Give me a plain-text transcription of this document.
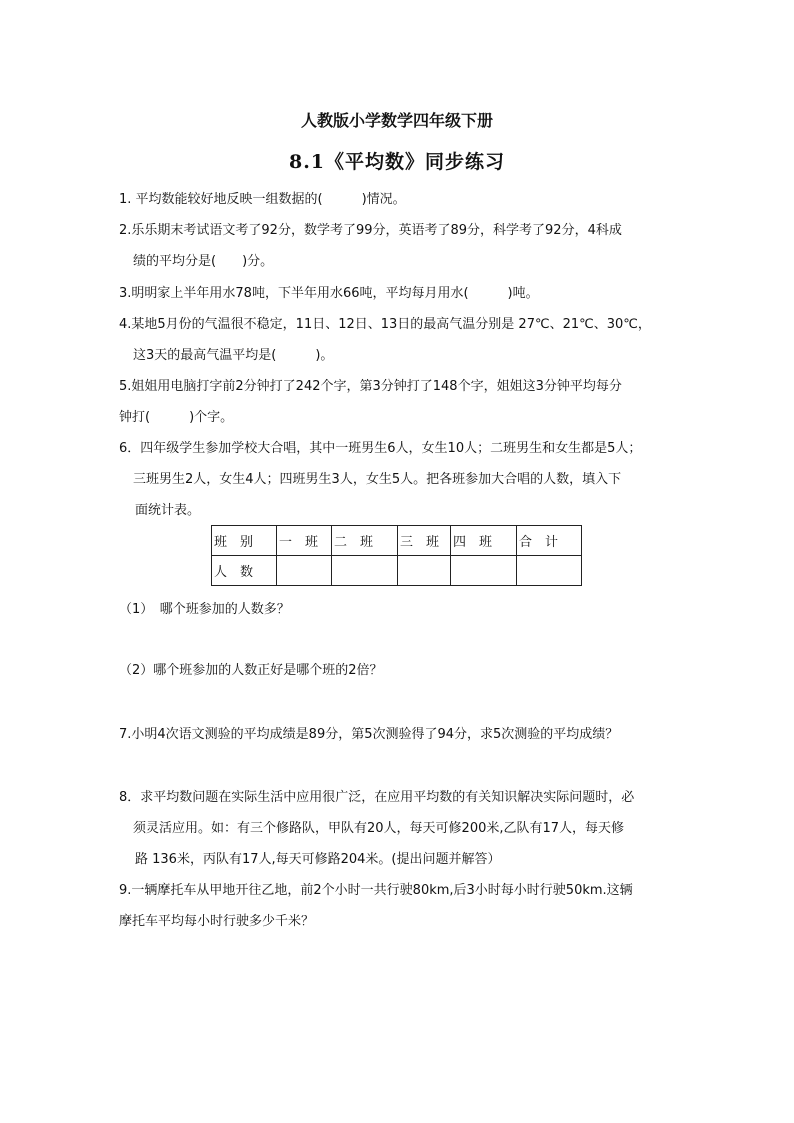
人教版小学数学四年级下册
8.1《平均数》同步练习
1. 平均数能较好地反映一组数据的(　　　)情况。
2.乐乐期末考试语文考了92分，数学考了99分，英语考了89分，科学考了92分，4科成
绩的平均分是(　　)分。
3.明明家上半年用水78吨，下半年用水66吨，平均每月用水(　　　)吨。
4.某地5月份的气温很不稳定，11日、12日、13日的最高气温分别是 27℃、21℃、30℃，
这3天的最高气温平均是(　　　)。
5.姐姐用电脑打字前2分钟打了242个字，第3分钟打了148个字，姐姐这3分钟平均每分
钟打(　　　)个字。
6．四年级学生参加学校大合唱，其中一班男生6人，女生10人；二班男生和女生都是5人；
三班男生2人，女生4人；四班男生3人，女生5人。把各班参加大合唱的人数，填入下
面统计表。
班　别	一　班	二　班	三　班	四　班	合　计
人　数					
（1）　哪个班参加的人数多？
（2）哪个班参加的人数正好是哪个班的2倍？
7.小明4次语文测验的平均成绩是89分，第5次测验得了94分，求5次测验的平均成绩？
8．求平均数问题在实际生活中应用很广泛，在应用平均数的有关知识解决实际问题时，必
须灵活应用。如：有三个修路队，甲队有20人，每天可修200米,乙队有17人，每天修
路 136米，丙队有17人,每天可修路204米。(提出问题并解答）
9.一辆摩托车从甲地开往乙地，前2个小时一共行驶80km,后3小时每小时行驶50km.这辆
摩托车平均每小时行驶多少千米？
